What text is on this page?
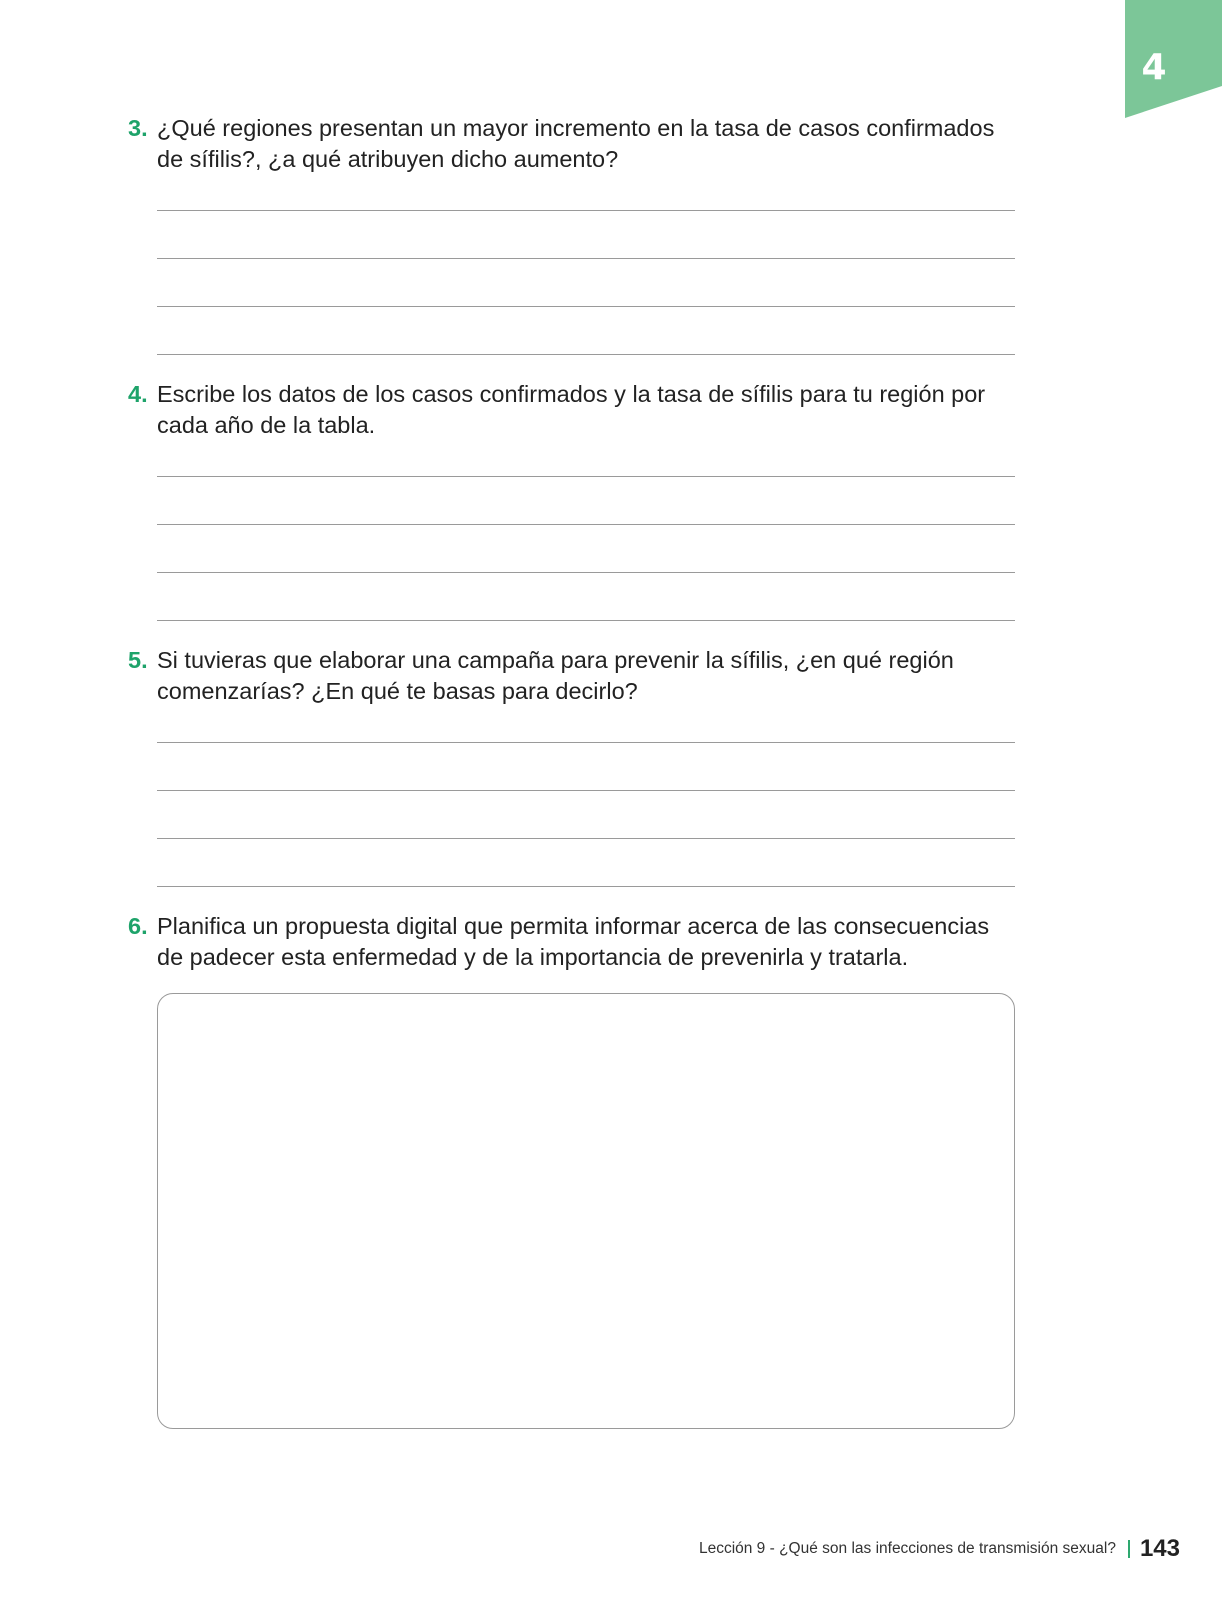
4
3. ¿Qué regiones presentan un mayor incremento en la tasa de casos confirmados de sífilis?, ¿a qué atribuyen dicho aumento?
4. Escribe los datos de los casos confirmados y la tasa de sífilis para tu región por cada año de la tabla.
5. Si tuvieras que elaborar una campaña para prevenir la sífilis, ¿en qué región comenzarías? ¿En qué te basas para decirlo?
6. Planifica un propuesta digital que permita informar acerca de las consecuencias de padecer esta enfermedad y de la importancia de prevenirla y tratarla.
Lección 9 - ¿Qué son las infecciones de transmisión sexual? 143
